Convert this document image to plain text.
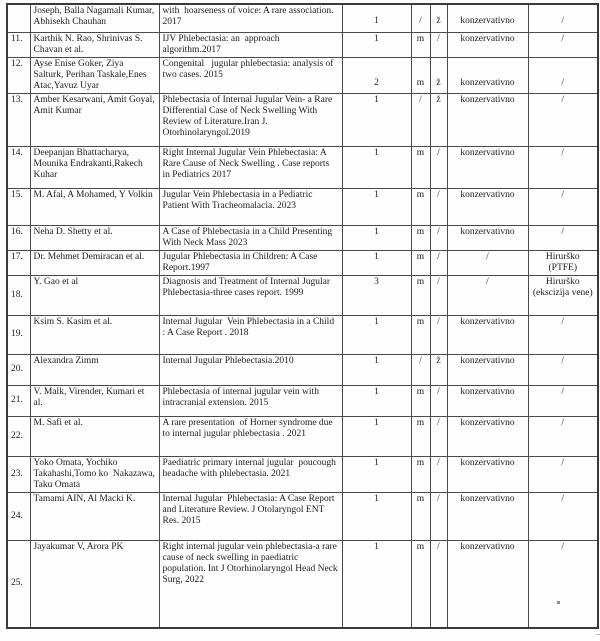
	Joseph, Balla Nagamali Kumar, Abhisekh Chauhan	with  hoarseness of voice: A rare association. 2017	1	/	ž	konzervativno	/
11.	Karthik N. Rao, Shrinivas S. Chavan et al.	IJV Phlebectasia: an  approach algorithm.2017	1	m	/	konzervativno	/
12.	Ayse Enise Goker, Ziya Salturk, Perihan Taskale,Enes Atac,Yavuz Uyar	Congenital   jugular phlebectasia: analysis of  two cases. 2015	2	m	ž	konzervativno	/
13.	Amber Kesarwani, Amit Goyal, Amit Kumar	Phlebectasia of Internal Jugular Vein- a Rare Differential Case of Neck Swelling With Review of Literature.Iran J. Otorhinolaryngol.2019	1	/	ž	konzervativno	/
14.	Deepanjan Bhattacharya, Mounika Endrakanti,Rakech Kuhar	Right Internal Jugular Vein Phlebectasia: A Rare Cause of Neck Swelling . Case reports in Pediatrics 2017	1	m	/	konzervativno	/
15.	M. Afal, A Mohamed, Y Volkin	Jugular Vein Phlebectasia in a Pediatric Patient With Tracheomalacia. 2023	1	m	/	konzervativno	/
16.	Neha D. Shetty et al.	A Case of Phlebectasia in a Child Presenting With Neck Mass 2023	1	m	/	konzervativno	/
17.	Dr. Mehmet Demiracan et al.	Jugular Phlebectasia in Children: A Case Report.1997	1	m	/	/	Hirurško (PTFE)
18.	Y. Gao et al	Diagnosis and Treatment of Internal Jugular Phlebectasia-three cases report. 1999	3	m	/	/	Hirurško (ekscizija vene)
19.	Ksim S. Kasim et al.	Internal Jugular  Vein Phlebectasia in a Child : A Case Report . 2018	1	m	/	konzervativno	/
20.	Alexandra Zimm	Internal Jugular Phlebectasia.2010	1	/	ž	konzervativno	/
21.	V. Malk, Virender, Kumari et al.	Phlebectasia of internal jugular vein with intracranial extension. 2015	1	m	/	konzervativno	/
22.	M. Safi et al.	A rare presentation  of Horner syndrome due to internal jugular phlebectasia . 2021	1	m	/	konzervativno	/
23.	Yoko Omata, Yochiko Takahashi,Tomo ko  Nakazawa, Taku Omata	Paediatric primary internal jugular  poucough headache with phlebectasia. 2021	1	m	/	konzervativno	/
24.	Tamami AIN, Al Macki K.	Internal Jugular  Phlebectasia: A Case Report and Literature Review. J Otolaryngol ENT Res. 2015	1	m	/	konzervativno	/
25.	Jayakumar V, Arora PK	Right internal jugular vein phlebectasia-a rare cause of neck swelling in paediatric population. Int J Otorhinolaryngol Head Neck Surg, 2022	1	m	/	konzervativno	/
